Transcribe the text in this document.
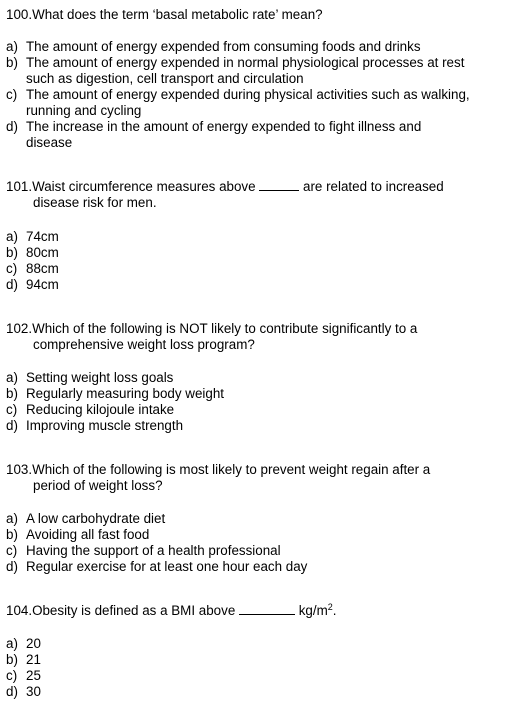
100. What does the term ‘basal metabolic rate’ mean?
a) The amount of energy expended from consuming foods and drinks
b) The amount of energy expended in normal physiological processes at rest
such as digestion, cell transport and circulation
c) The amount of energy expended during physical activities such as walking,
running and cycling
d) The increase in the amount of energy expended to fight illness and
disease
101. Waist circumference measures above	are related to increased
disease risk for men.
a) 74cm
b) 80cm
c) 88cm
d) 94cm
102. Which of the following is NOT likely to contribute significantly to a
comprehensive weight loss program?
a) Setting weight loss goals
b) Regularly measuring body weight
c) Reducing kilojoule intake
d) Improving muscle strength
103. Which of the following is most likely to prevent weight regain after a
period of weight loss?
a) A low carbohydrate diet
b) Avoiding all fast food
c) Having the support of a health professional
d) Regular exercise for at least one hour each day
104. Obesity is defined as a BMI above	$kg/m^2$.
a) 20
b) 21
c) 25
d) 30
